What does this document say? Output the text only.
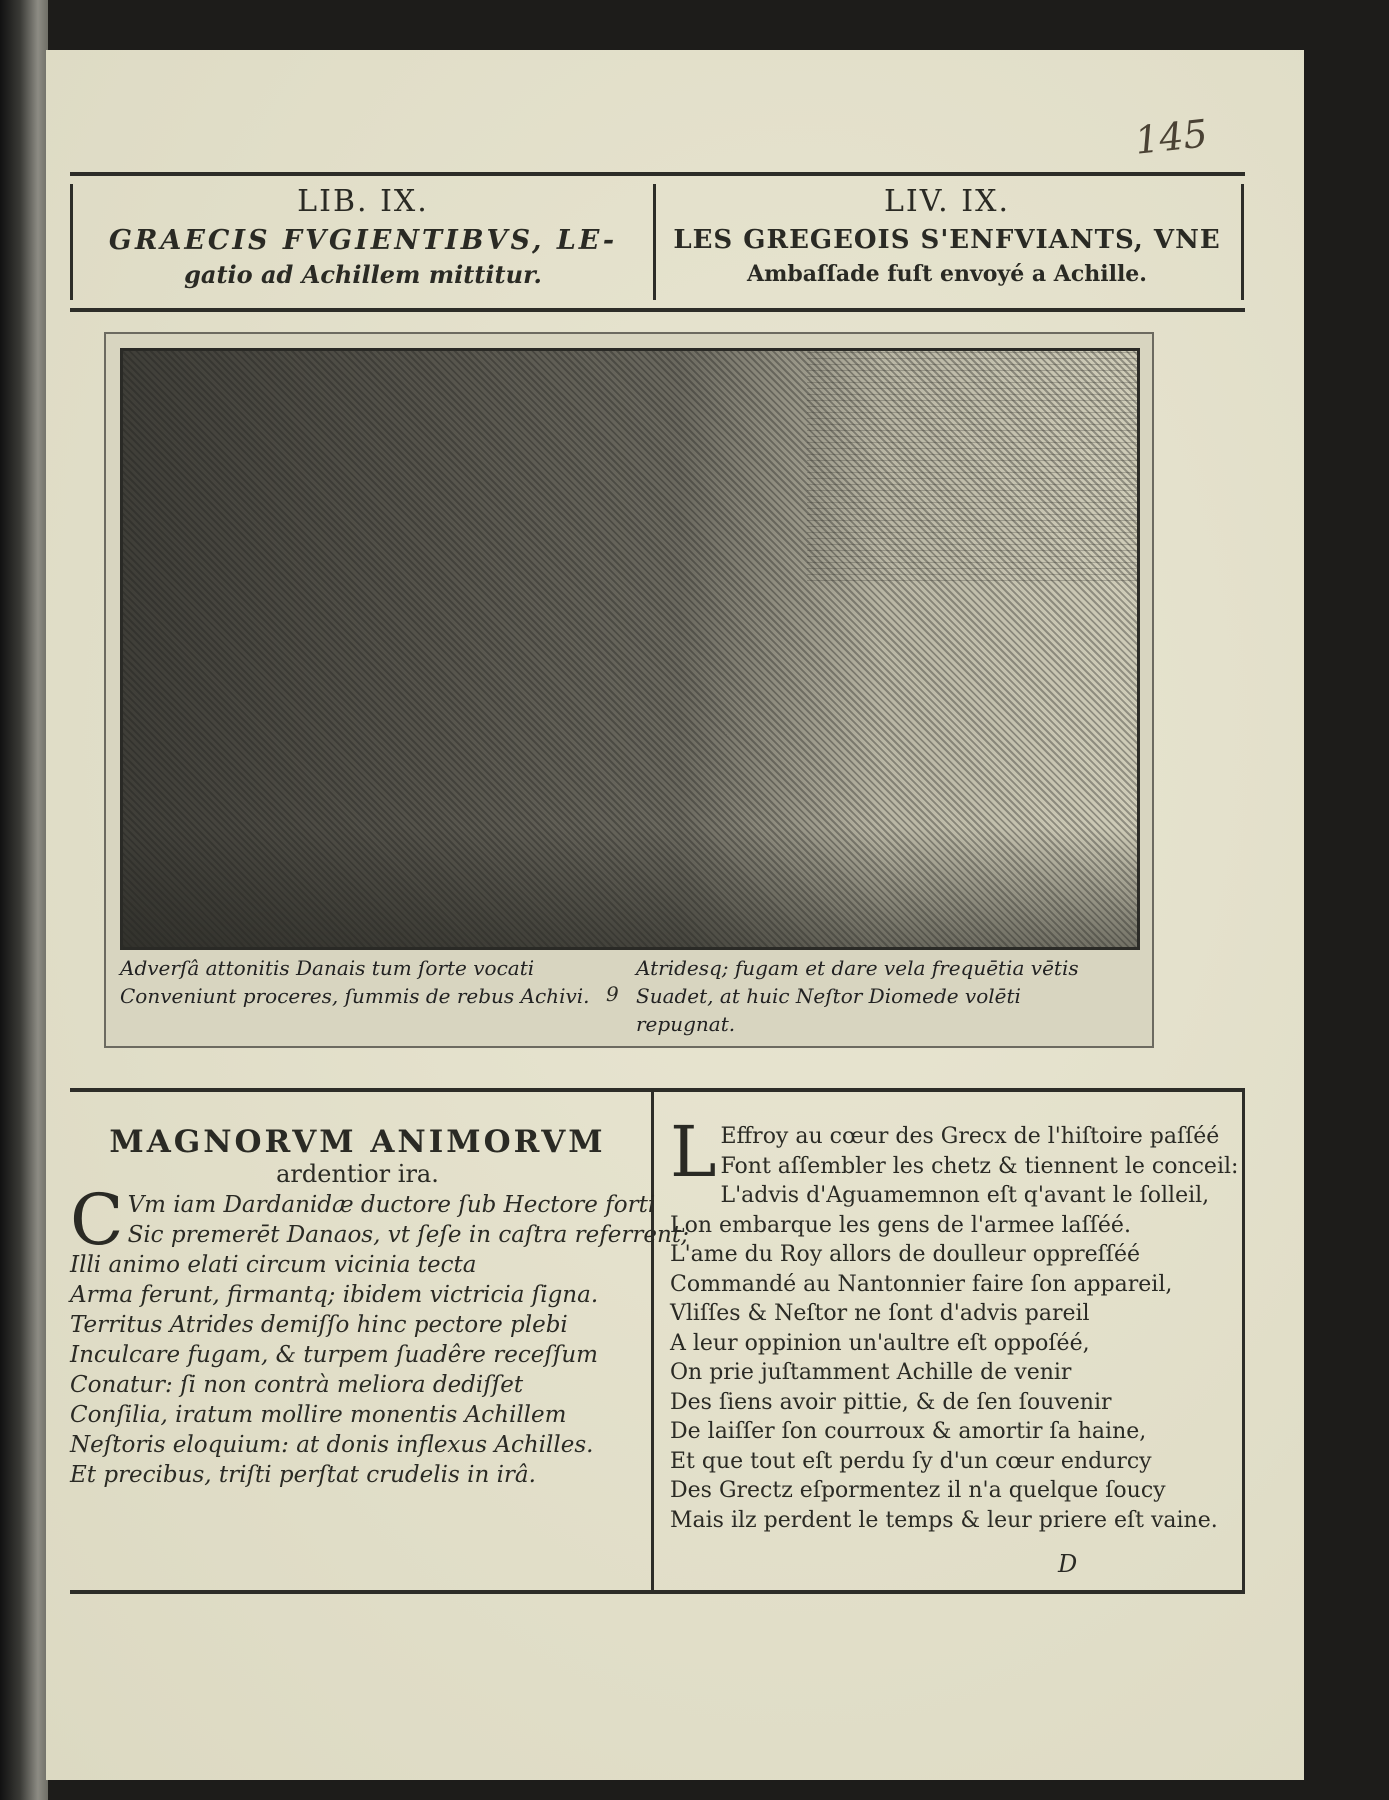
145
LIB. IX.
GRAECIS FVGIENTIBVS, LE-
gatio ad Achillem mittitur.
LIV. IX.
LES GREGEOIS S'ENFVIANTS, VNE
Ambaſſade fuſt envoyé a Achille.
Adverſâ attonitis Danais tum ſorte vocati
Conveniunt proceres, ſummis de rebus Achivi. 9
Atridesq; fugam et dare vela frequētia vētis
Suadet, at huic Neſtor Diomede volēti repugnat.
MAGNORVM ANIMORVM
ardentior ira.
C Vm iam Dardanidæ ductore ſub Hectore forti
Sic premerēt Danaos, vt ſeſe in caſtra referrent;
Illi animo elati circum vicinia tecta
Arma ferunt, firmantq; ibidem victricia ſigna.
Territus Atrides demiſſo hinc pectore plebi
Inculcare fugam, & turpem ſuadêre receſſum
Conatur: ſi non contrà meliora dediſſet
Conſilia, iratum mollire monentis Achillem
Neſtoris eloquium: at donis inflexus Achilles.
Et precibus, triſti perſtat crudelis in irâ.
L Effroy au cœur des Grecx de l'hiſtoire paſſéé
Font aſſembler les chetz & tiennent le conceil:
L'advis d'Aguamemnon eſt q'avant le ſolleil,
Lon embarque les gens de l'armee laſſéé.
L'ame du Roy allors de doulleur oppreſſéé
Commandé au Nantonnier faire ſon appareil,
Vliſſes & Neſtor ne ſont d'advis pareil
A leur oppinion un'aultre eſt oppoſéé,
On prie juſtamment Achille de venir
Des ſiens avoir pittie, & de ſen ſouvenir
De laiſſer ſon courroux & amortir ſa haine,
Et que tout eſt perdu ſy d'un cœur endurcy
Des Grectz eſpormentez il n'a quelque ſoucy
Mais ilz perdent le temps & leur priere eſt vaine.
D
